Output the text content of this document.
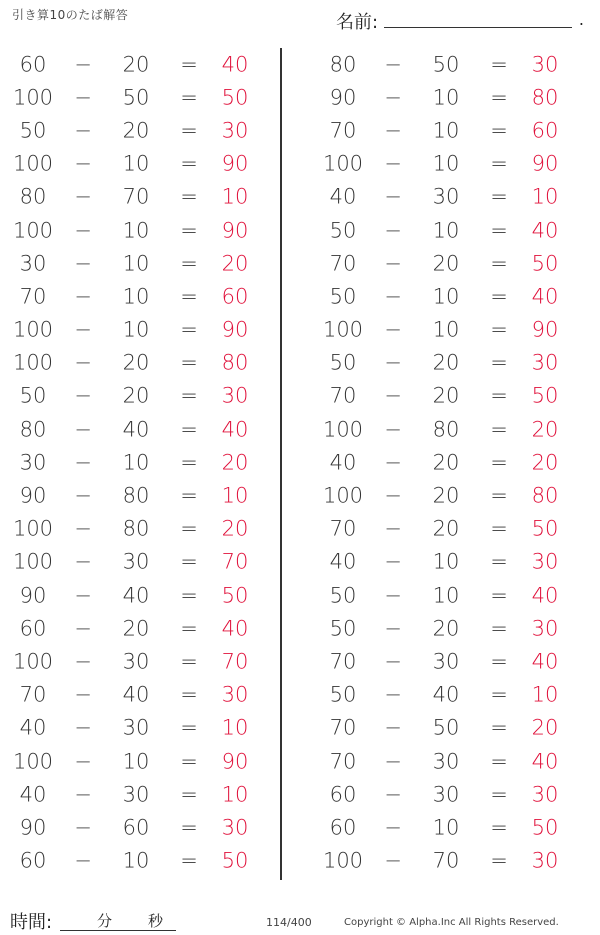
引き算10のたば解答	名前:	.
60	−	20	=	40
100 −	50	=	50
50	−	20	=	30
100 −	10	=	90
80	−	70	=	10
100 −	10	=	90
30	−	10	=	20
70	−	10	=	60
100 −	10	=	90
100 −	20	=	80
50	−	20	=	30
80	−	40	=	40
30	−	10	=	20
90	−	80	=	10
100 −	80	=	20
100 −	30	=	70
90	−	40	=	50
60	−	20	=	40
100 −	30	=	70
70	−	40	=	30
40	−	30	=	10
100 −	10	=	90
40	−	30	=	10
90	−	60	=	30
60	−	10	=	50
80	−	50	=	30
90	−	10	=	80
70	−	10	=	60
100 −	10	=	90
40	−	30	=	10
50	−	10	=	40
70	−	20	=	50
50	−	10	=	40
100 −	10	=	90
50	−	20	=	30
70	−	20	=	50
100 −	80	=	20
40	−	20	=	20
100 −	20	=	80
70	−	20	=	50
40	−	10	=	30
50	−	10	=	40
50	−	20	=	30
70	−	30	=	40
50	−	40	=	10
70	−	50	=	20
70	−	30	=	40
60	−	30	=	30
60	−	10	=	50
100 −	70	=	30
時間:	分 秒	114/400	Copyright © Alpha.Inc All Rights Reserved.
